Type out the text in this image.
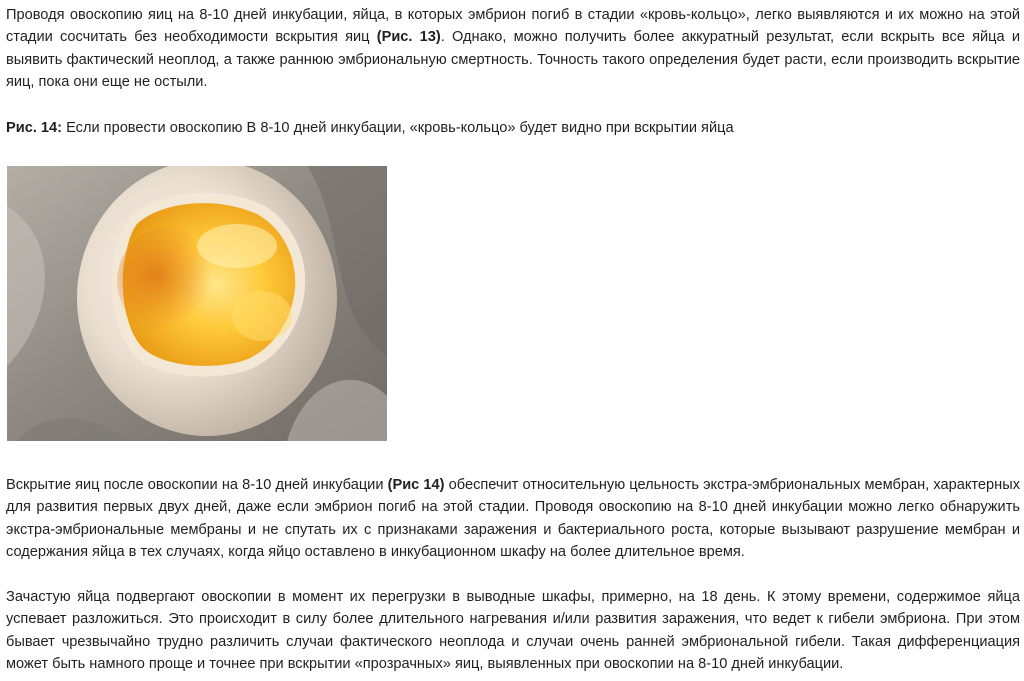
Проводя овоскопию яиц на 8-10 дней инкубации, яйца, в которых эмбрион погиб в стадии «кровь-кольцо», легко выявляются и их можно на этой стадии сосчитать без необходимости вскрытия яиц (Рис. 13). Однако, можно получить более аккуратный результат, если вскрыть все яйца и выявить фактический неоплод, а также раннюю эмбриональную смертность. Точность такого определения будет расти, если производить вскрытие яиц, пока они еще не остыли.

Рис. 14: Если провести овоскопию В 8-10 дней инкубации, «кровь-кольцо» будет видно при вскрытии яйца

Вскрытие яиц после овоскопии на 8-10 дней инкубации (Рис 14) обеспечит относительную цельность экстра-эмбриональных мембран, характерных для развития первых двух дней, даже если эмбрион погиб на этой стадии. Проводя овоскопию на 8-10 дней инкубации можно легко обнаружить экстра-эмбриональные мембраны и не спутать их с признаками заражения и бактериального роста, которые вызывают разрушение мембран и содержания яйца в тех случаях, когда яйцо оставлено в инкубационном шкафу на более длительное время.

Зачастую яйца подвергают овоскопии в момент их перегрузки в выводные шкафы, примерно, на 18 день. К этому времени, содержимое яйца успевает разложиться. Это происходит в силу более длительного нагревания и/или развития заражения, что ведет к гибели эмбриона. При этом бывает чрезвычайно трудно различить случаи фактического неоплода и случаи очень ранней эмбриональной гибели. Такая дифференциация может быть намного проще и точнее при вскрытии «прозрачных» яиц, выявленных при овоскопии на 8-10 дней инкубации.
